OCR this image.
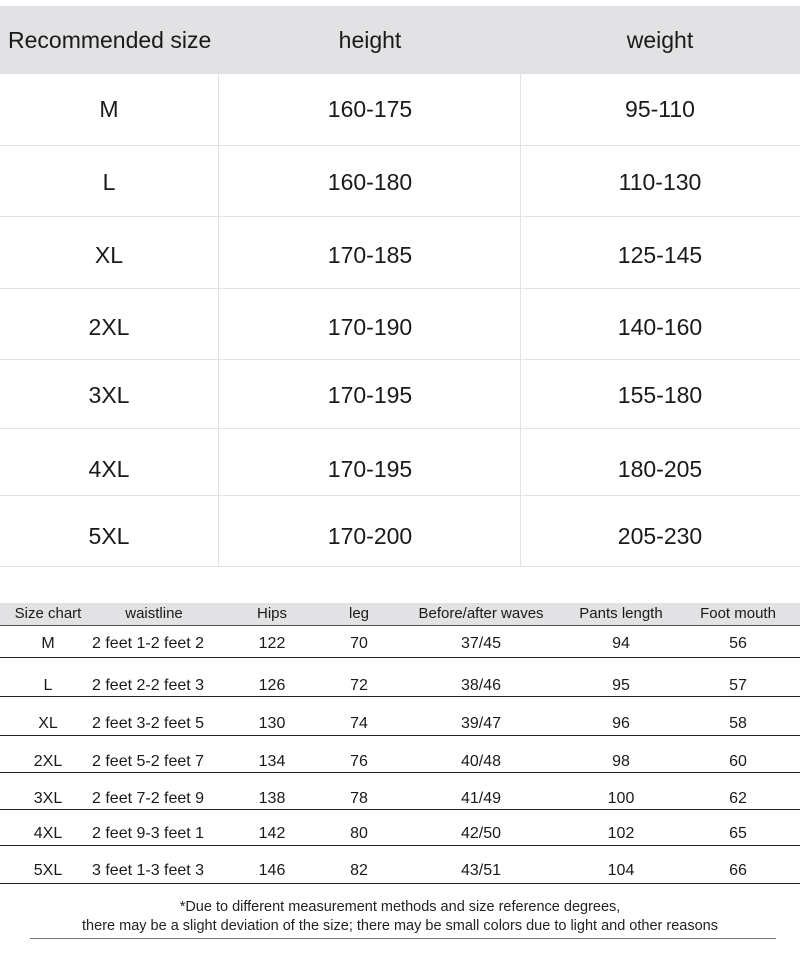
Recommended size	height	weight
M	160-175	95-110
L	160-180	110-130
XL	170-185	125-145
2XL	170-190	140-160
3XL	170-195	155-180
4XL	170-195	180-205
5XL	170-200	205-230
Size chart	waistline	Hips	leg	Before/after waves	Pants length	Foot mouth
M	2 feet 1-2 feet 2	122	70	37/45	94	56
L	2 feet 2-2 feet 3	126	72	38/46	95	57
XL	2 feet 3-2 feet 5	130	74	39/47	96	58
2XL	2 feet 5-2 feet 7	134	76	40/48	98	60
3XL	2 feet 7-2 feet 9	138	78	41/49	100	62
4XL	2 feet 9-3 feet 1	142	80	42/50	102	65
5XL	3 feet 1-3 feet 3	146	82	43/51	104	66
*Due to different measurement methods and size reference degrees,
there may be a slight deviation of the size; there may be small colors due to light and other reasons
